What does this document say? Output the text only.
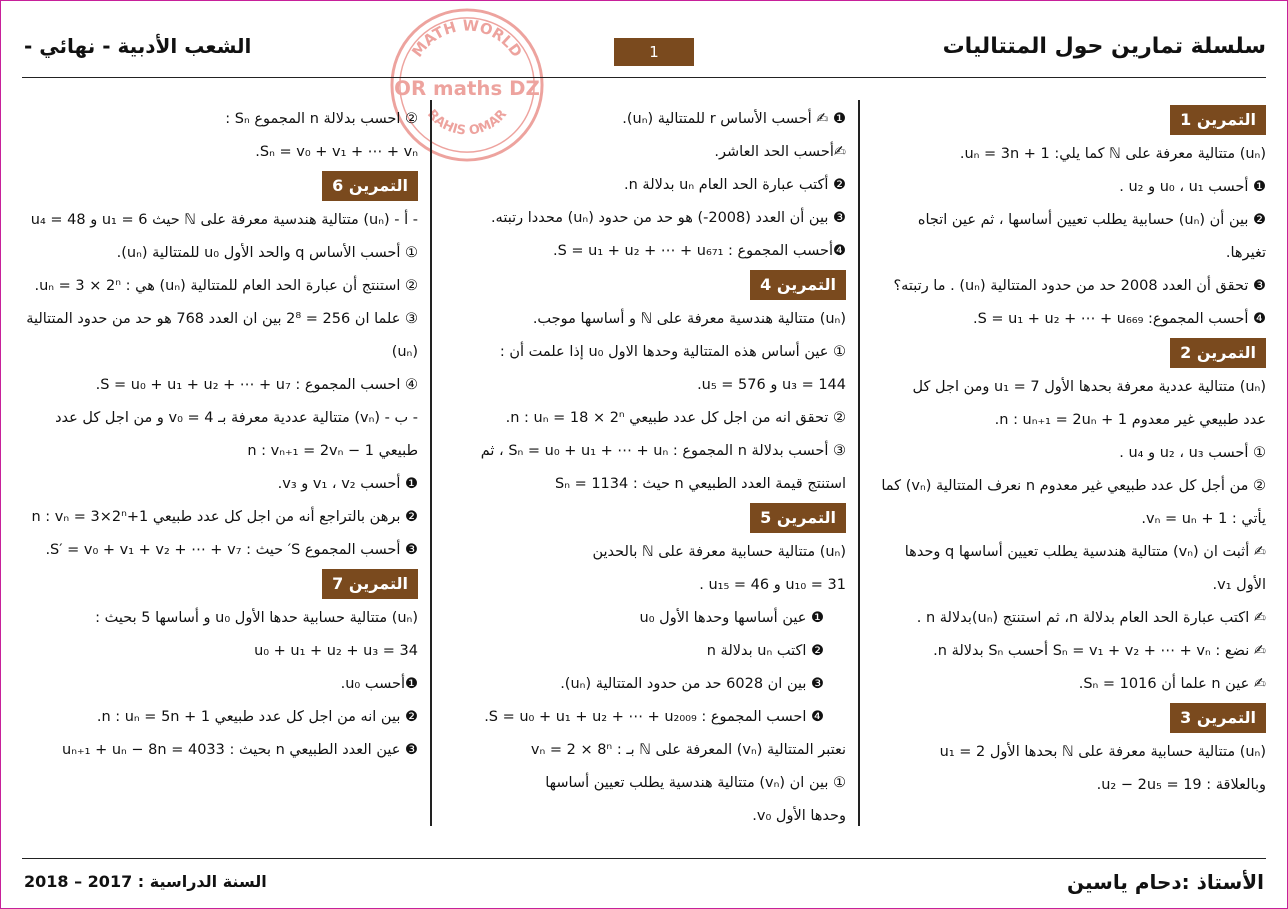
سلسلة تمارين حول المتتاليات
1
الشعب الأدبية - نهائي -	MATH WORLD
OR maths DZ
RAHIS OMAR	التمرين 1

(uₙ) متتالية معرفة على ℕ كما يلي: uₙ = 3n + 1.

❶ أحسب u₀ ، u₁ و u₂ .

❷ بين أن (uₙ) حسابية يطلب تعيين أساسها ، ثم عين اتجاه

تغيرها.

❸ تحقق أن العدد 2008 حد من حدود المتتالية (uₙ) . ما رتبته؟

❹ أحسب المجموع: S = u₁ + u₂ + ⋯ + u₆₆₉.

التمرين 2

(uₙ) متتالية عددية معرفة بحدها الأول u₁ = 7 ومن اجل كل

عدد طبيعي غير معدوم n : uₙ₊₁ = 2uₙ + 1.

① أحسب u₂ ، u₃ و u₄ .

② من أجل كل عدد طبيعي غير معدوم n نعرف المتتالية (vₙ) كما

يأتي : vₙ = uₙ + 1.

✍ أثبت ان (vₙ) متتالية هندسية يطلب تعيين أساسها q وحدها

الأول v₁.

✍ اكتب عبارة الحد العام بدلالة n، ثم استنتج (uₙ)بدلالة n .

✍ نضع : Sₙ = v₁ + v₂ + ⋯ + vₙ أحسب Sₙ بدلالة n.

✍ عين n علما أن Sₙ = 1016.

التمرين 3

(uₙ) متتالية حسابية معرفة على ℕ بحدها الأول u₁ = 2

وبالعلاقة : u₂ − 2u₅ = 19.

❶ ✍ أحسب الأساس r للمتتالية (uₙ).

✍أحسب الحد العاشر.

❷ أكتب عبارة الحد العام uₙ بدلالة n.

❸ بين أن العدد (2008-) هو حد من حدود (uₙ) محددا رتبته.

❹أحسب المجموع : S = u₁ + u₂ + ⋯ + u₆₇₁.

التمرين 4

(uₙ) متتالية هندسية معرفة على ℕ و أساسها موجب.

① عين أساس هذه المتتالية وحدها الاول u₀ إذا علمت أن :

u₃ = 144 و u₅ = 576.

② تحقق انه من اجل كل عدد طبيعي n : uₙ = 18 × 2ⁿ.

③ أحسب بدلالة n المجموع : Sₙ = u₀ + u₁ + ⋯ + uₙ ، ثم

استنتج قيمة العدد الطبيعي n حيث : Sₙ = 1134

التمرين 5

(uₙ) متتالية حسابية معرفة على ℕ بالحدين

u₁₀ = 31 و u₁₅ = 46 .

❶ عين أساسها وحدها الأول u₀

❷ اكتب uₙ بدلالة n

❸ بين ان 6028 حد من حدود المتتالية (uₙ).

❹ احسب المجموع : S = u₀ + u₁ + u₂ + ⋯ + u₂₀₀₉.

نعتبر المتتالية (vₙ) المعرفة على ℕ بـ : vₙ = 2 × 8ⁿ

① بين ان (vₙ) متتالية هندسية يطلب تعيين أساسها

وحدها الأول v₀.

② احسب بدلالة n المجموع Sₙ :

Sₙ = v₀ + v₁ + ⋯ + vₙ.

التمرين 6

- أ - (uₙ) متتالية هندسية معرفة على ℕ حيث u₁ = 6 و u₄ = 48

① أحسب الأساس q والحد الأول u₀ للمتتالية (uₙ).

② استنتج أن عبارة الحد العام للمتتالية (uₙ) هي : uₙ = 3 × 2ⁿ.

③ علما ان 256 = 2⁸ بين ان العدد 768 هو حد من حدود المتتالية

(uₙ)

④ احسب المجموع : S = u₀ + u₁ + u₂ + ⋯ + u₇.

- ب - (vₙ) متتالية عددية معرفة بـ v₀ = 4 و من اجل كل عدد

طبيعي n : vₙ₊₁ = 2vₙ − 1

❶ أحسب v₁ ، v₂ و v₃.

❷ برهن بالتراجع أنه من اجل كل عدد طبيعي n : vₙ = 3×2ⁿ+1

❸ أحسب المجموع S′ حيث : S′ = v₀ + v₁ + v₂ + ⋯ + v₇.

التمرين 7

(uₙ) متتالية حسابية حدها الأول u₀ و أساسها 5 بحيث :

u₀ + u₁ + u₂ + u₃ = 34

❶أحسب u₀.

❷ بين انه من اجل كل عدد طبيعي n : uₙ = 5n + 1.

❸ عين العدد الطبيعي n بحيث : uₙ₊₁ + uₙ − 8n = 4033

الأستاذ :دحام ياسين
السنة الدراسية : 2017 – 2018
